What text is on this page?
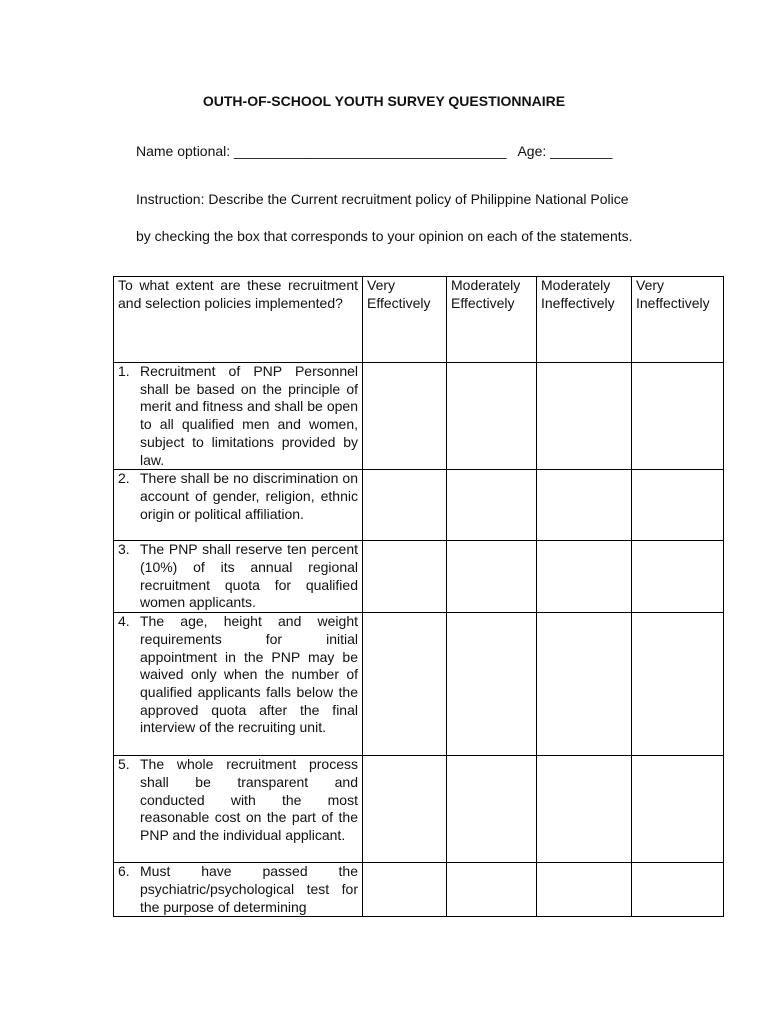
OUTH-OF-SCHOOL YOUTH SURVEY QUESTIONNAIRE
Name optional: ___________________________________   Age: ________
Instruction: Describe the Current recruitment policy of Philippine National Police
by checking the box that corresponds to your opinion on each of the statements.
To what extent are these recruitment and selection policies implemented?	Very Effectively	Moderately Effectively	Moderately Ineffectively	Very Ineffectively

1. Recruitment of PNP Personnel shall be based on the principle of merit and fitness and shall be open to all qualified men and women, subject to limitations provided by law.				

2. There shall be no discrimination on account of gender, religion, ethnic origin or political affiliation.				

3. The PNP shall reserve ten percent (10%) of its annual regional recruitment quota for qualified women applicants.				

4. The age, height and weight requirements for initial appointment in the PNP may be waived only when the number of qualified applicants falls below the approved quota after the final interview of the recruiting unit.				

5. The whole recruitment process shall be transparent and conducted with the most reasonable cost on the part of the PNP and the individual applicant.				

6. Must have passed the psychiatric/psychological test for the purpose of determining				
